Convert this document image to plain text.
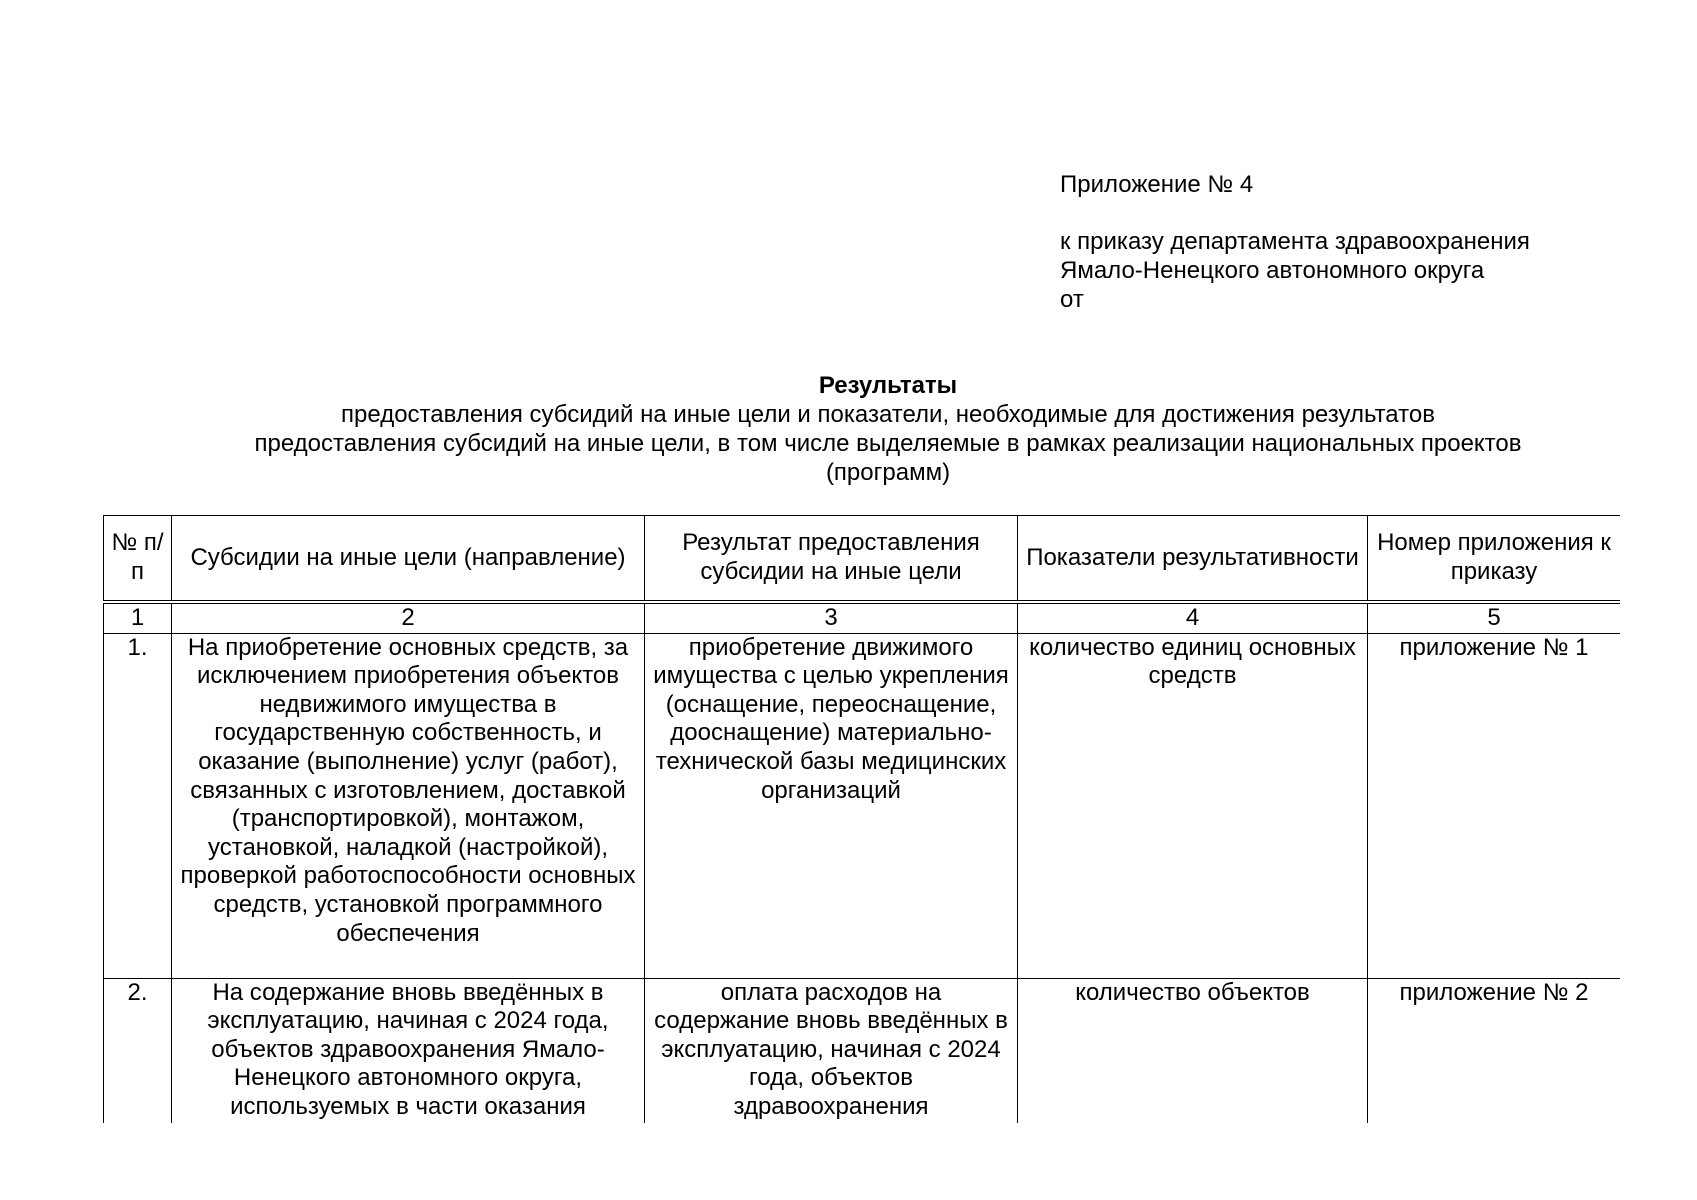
Приложение № 4
к приказу департамента здравоохранения
Ямало-Ненецкого автономного округа
от
Результаты
предоставления субсидий на иные цели и показатели, необходимые для достижения результатов
предоставления субсидий на иные цели, в том числе выделяемые в рамках реализации национальных проектов
(программ)
№ п/п	Субсидии на иные цели (направление)	Результат предоставления субсидии на иные цели	Показатели результативности	Номер приложения к приказу
1	2	3	4	5
1.	На приобретение основных средств, за исключением приобретения объектов недвижимого имущества в государственную собственность, и оказание (выполнение) услуг (работ), связанных с изготовлением, доставкой (транспортировкой), монтажом, установкой, наладкой (настройкой), проверкой работоспособности основных средств, установкой программного обеспечения	приобретение движимого имущества с целью укрепления (оснащение, переоснащение, дооснащение) материально-технической базы медицинских организаций	количество единиц основных средств	приложение № 1
2.	На содержание вновь введённых в эксплуатацию, начиная с 2024 года, объектов здравоохранения Ямало-Ненецкого автономного округа, используемых в части оказания	оплата расходов на содержание вновь введённых в эксплуатацию, начиная с 2024 года, объектов здравоохранения	количество объектов	приложение № 2
